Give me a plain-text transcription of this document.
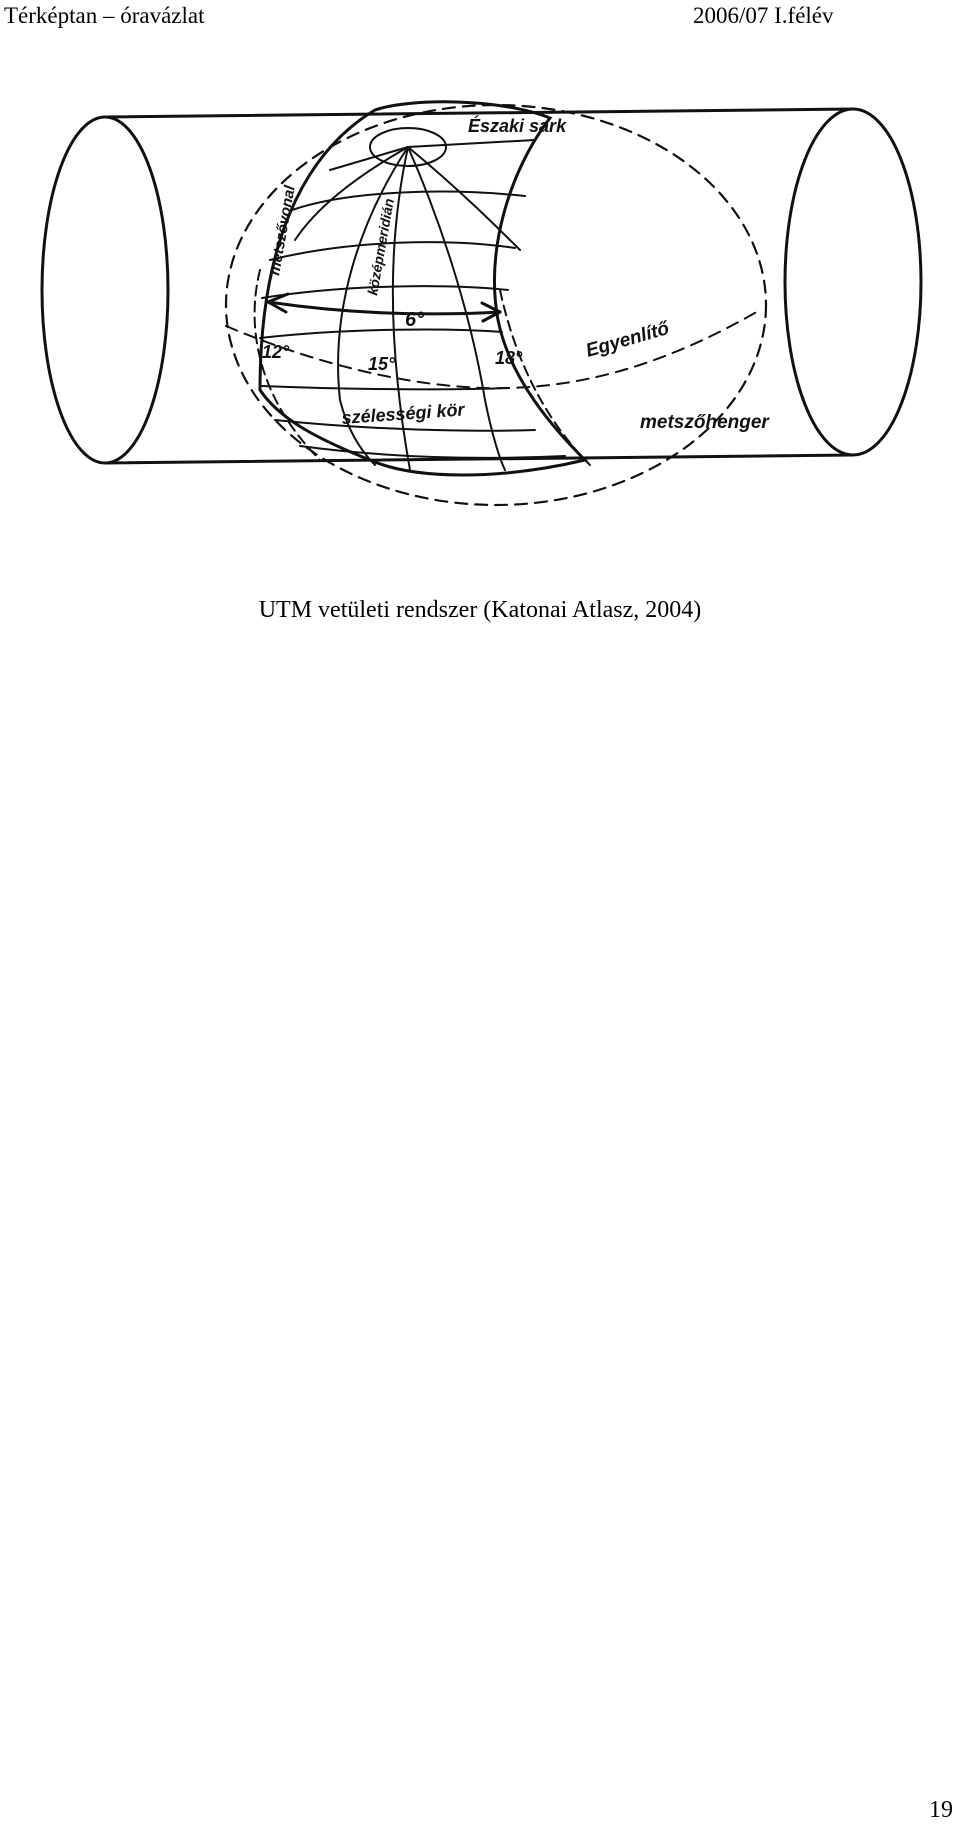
Térképtan – óravázlat	2006/07 I.félév
Északi sark
metszővonal	középmeridián
6°
12°
15°	18°	Egyenlítő
szélességi kör	metszőhenger
UTM vetületi rendszer (Katonai Atlasz, 2004)
19
